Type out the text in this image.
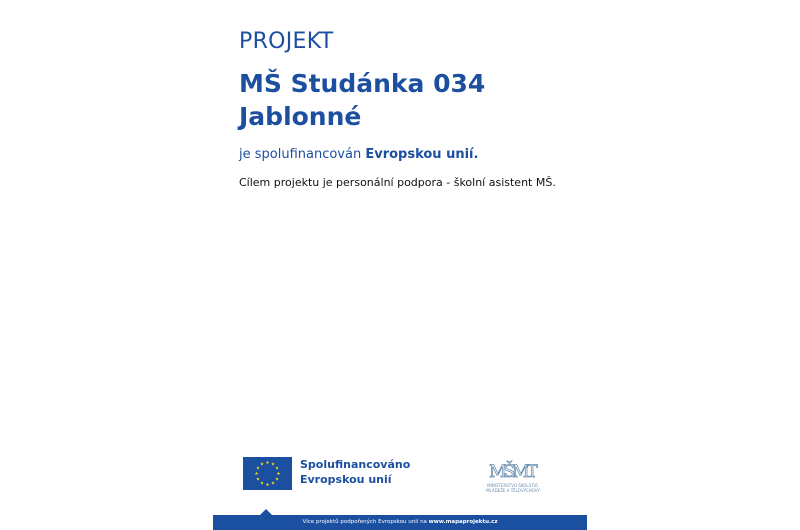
PROJEKT
MŠ Studánka 034
Jablonné
je spolufinancován Evropskou unií.
Cílem projektu je personální podpora - školní asistent MŠ.
Spolufinancováno
Evropskou unií	MŠMT
MINISTERSTVO ŠKOLSTVÍ,
MLÁDEŽE A TĚLOVÝCHOVY
Více projektů podpořených Evropskou unií na www.mapaprojektu.cz
